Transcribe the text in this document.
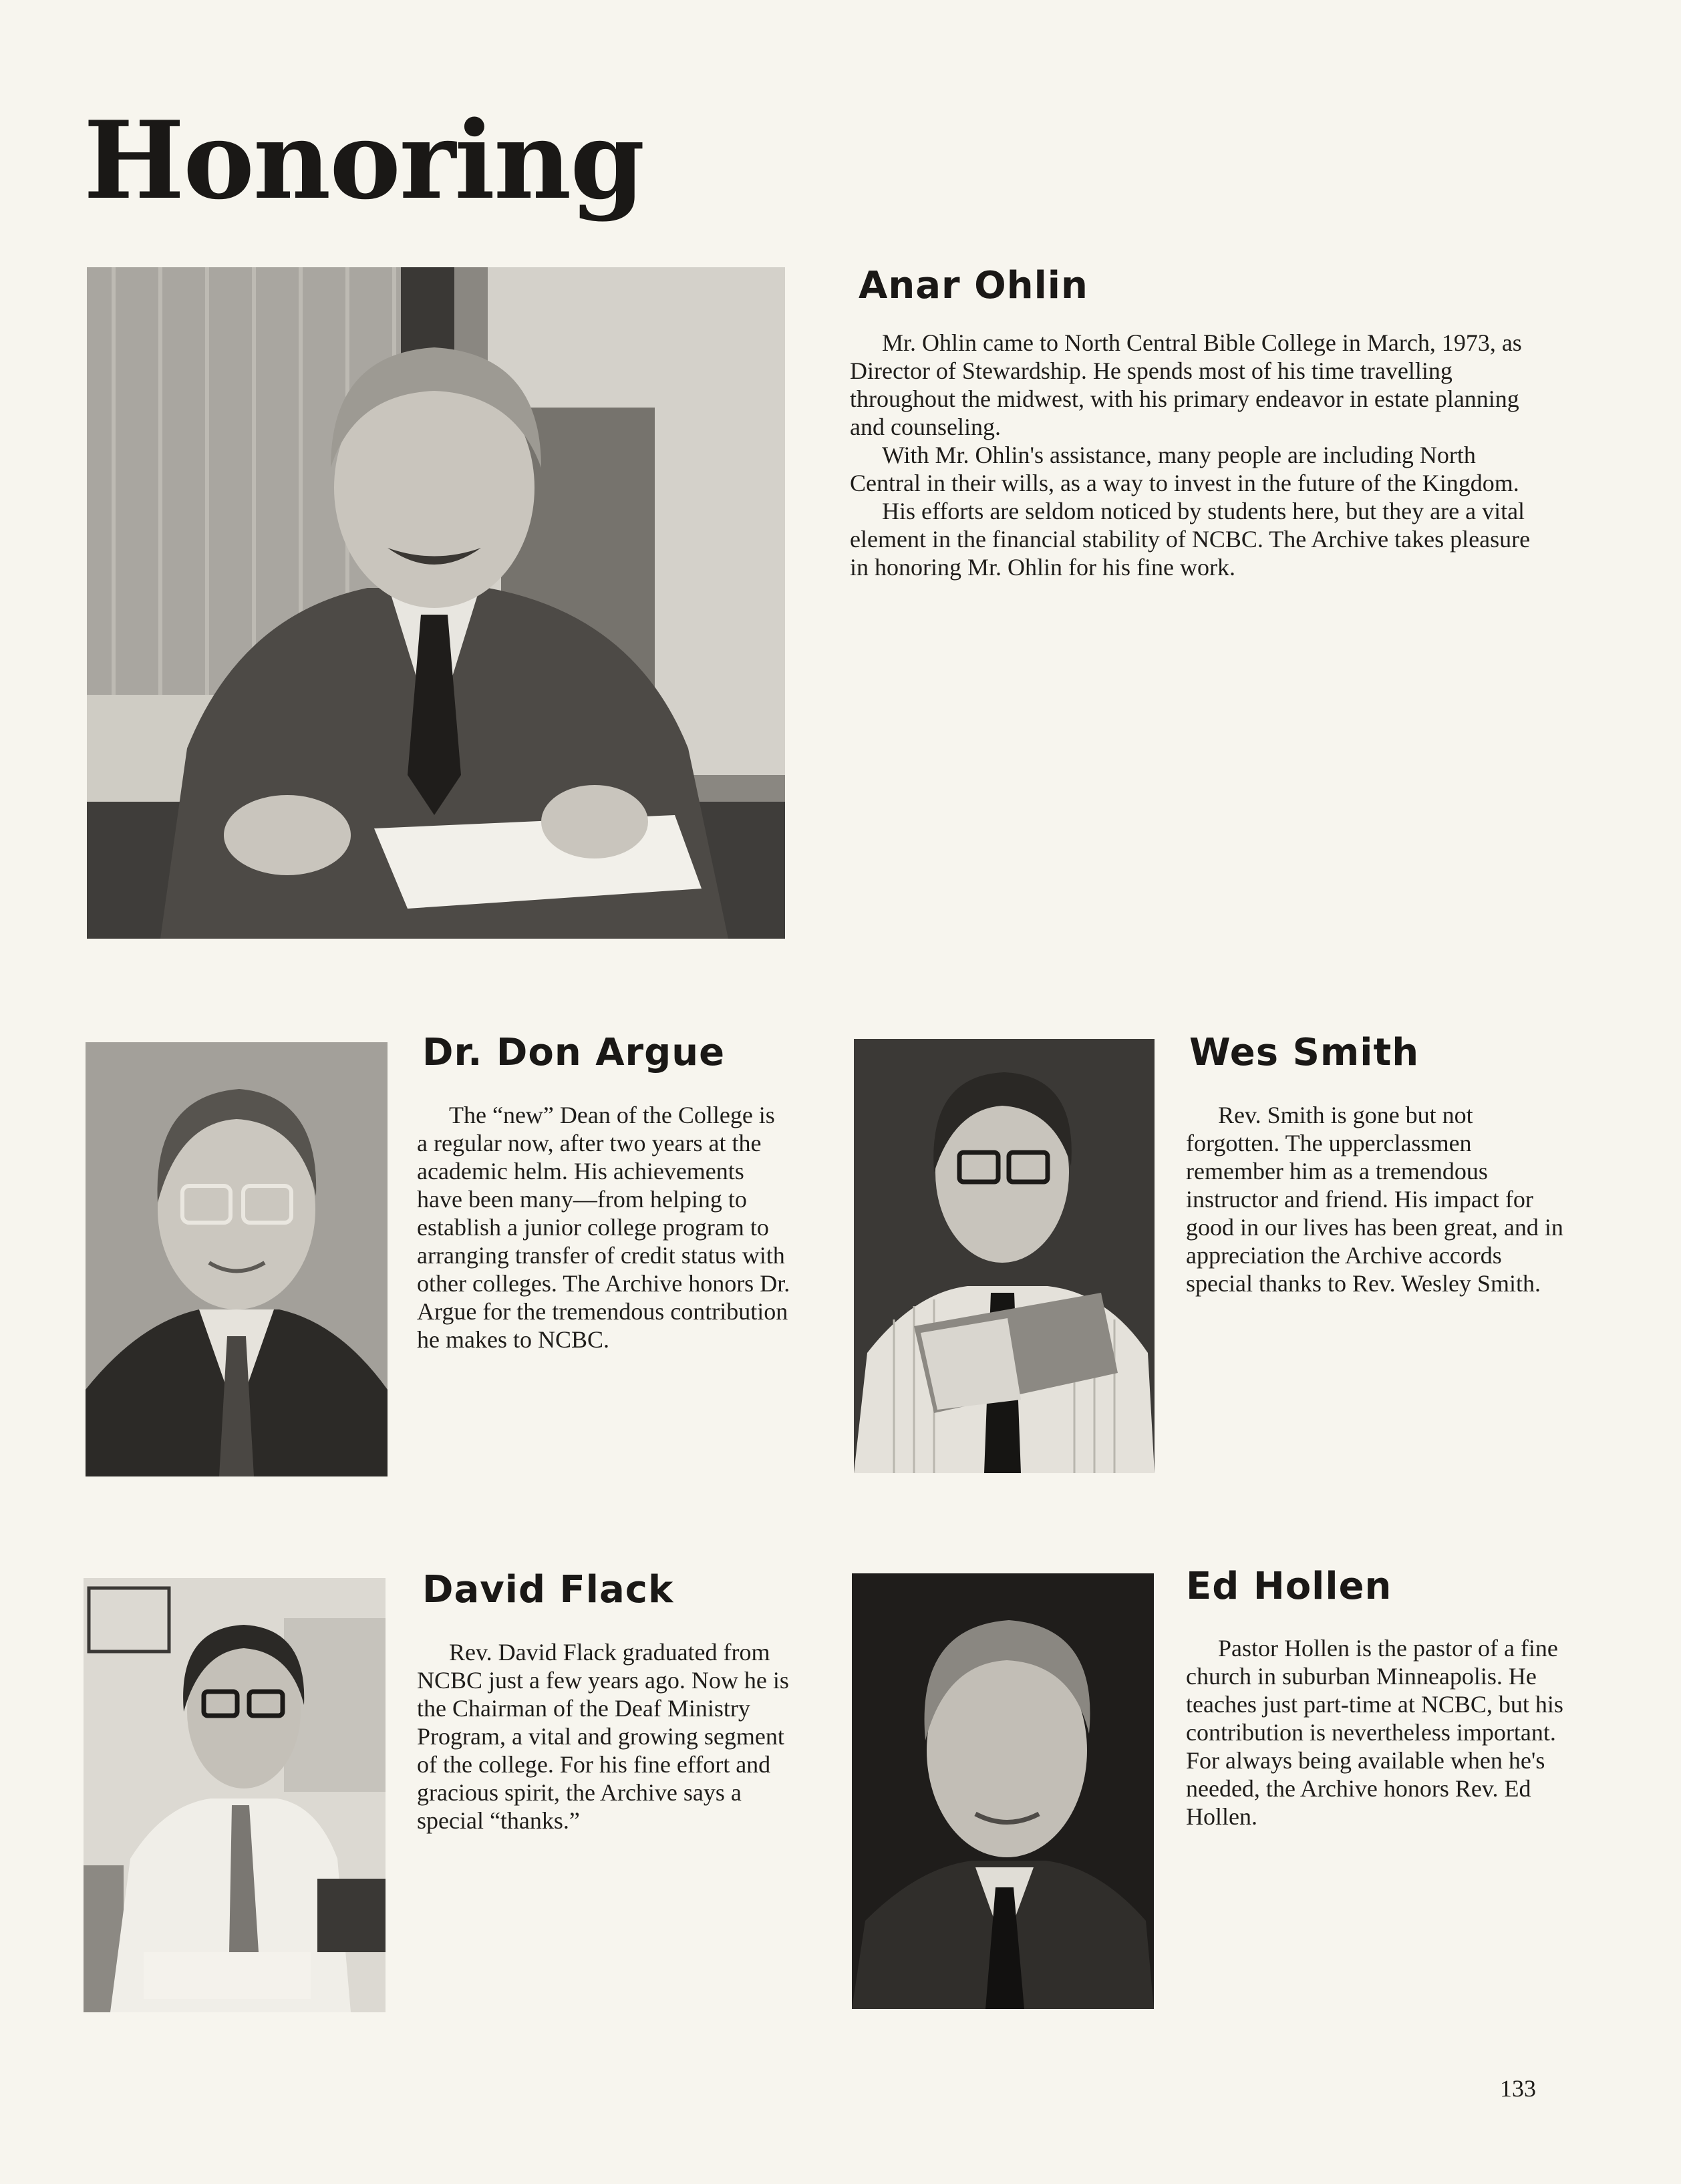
Honoring
Anar Ohlin

Mr. Ohlin came to North Central Bible College in March, 1973, as Director of Stewardship. He spends most of his time travelling throughout the midwest, with his primary endeavor in estate planning and counseling.

With Mr. Ohlin's assistance, many people are including North Central in their wills, as a way to invest in the future of the Kingdom.

His efforts are seldom noticed by students here, but they are a vital element in the financial stability of NCBC. The Archive takes pleasure in honoring Mr. Ohlin for his fine work.

Dr. Don Argue

The “new” Dean of the College is a regular now, after two years at the academic helm. His achievements have been many—from helping to establish a junior college program to arranging transfer of credit status with other colleges. The Archive honors Dr. Argue for the tremendous contribution he makes to NCBC.

Wes Smith

Rev. Smith is gone but not forgotten. The upperclassmen remember him as a tremendous instructor and friend. His impact for good in our lives has been great, and in appreciation the Archive accords special thanks to Rev. Wesley Smith.

David Flack

Rev. David Flack graduated from NCBC just a few years ago. Now he is the Chairman of the Deaf Ministry Program, a vital and growing segment of the college. For his fine effort and gracious spirit, the Archive says a special “thanks.”

Ed Hollen

Pastor Hollen is the pastor of a fine church in suburban Minneapolis. He teaches just part-time at NCBC, but his contribution is nevertheless important. For always being available when he's needed, the Archive honors Rev. Ed Hollen.

133
